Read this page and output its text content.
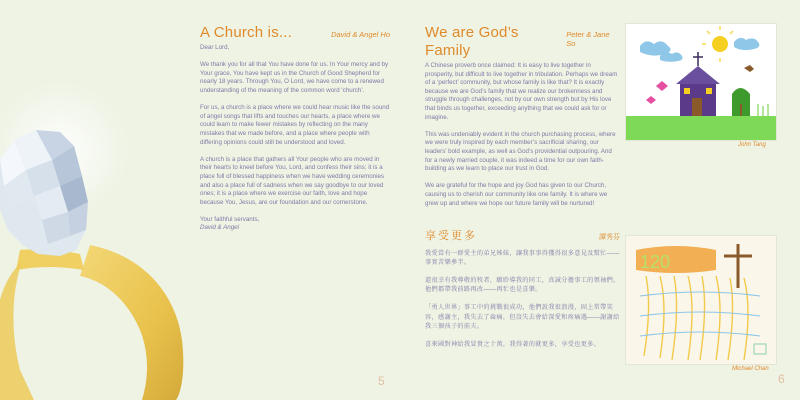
A Church is...	David & Angel Ho

Dear Lord,

We thank you for all that You have done for us. In Your mercy and by Your grace, You have kept us in the Church of Good Shepherd for nearly 18 years. Through You, O Lord, we have come to a renewed understanding of the meaning of the common word ‘church’.

For us, a church is a place where we could hear music like the sound of angel songs that lifts and touches our hearts, a place where we could learn to make fewer mistakes by reflecting on the many mistakes that we made before, and a place where people with differing opinions could still be understood and loved.

A church is a place that gathers all Your people who are moved in their hearts to kneel before You, Lord, and confess their sins; it is a place full of blessed happiness when we have wedding ceremonies and also a place full of sadness when we say goodbye to our loved ones; it is a place where we exercise our faith, love and hope because You, Jesus, are our foundation and our cornerstone.

Your faithful servants,
David & Angel
5
We are God’s Family
Peter & Jane So

A Chinese proverb once claimed: It is easy to live together in prosperity, but difficult to live together in tribulation. Perhaps we dream of a ‘perfect’ community, but whose family is like that? It is exactly because we are God’s family that we realize our brokenness and struggle through challenges, not by our own strength but by His love that binds us together, exceeding anything that we could ask for or imagine.

This was undeniably evident in the church purchasing process, where we were truly inspired by each member’s sacrificial sharing, our leaders’ bold example, as well as God’s providential outpouring. And for a newly married couple, it was indeed a time for our own faith-building as we learn to place our trust in God.

We are grateful for the hope and joy God has given to our Church, causing us to cherish our community like one family. It is where we grew up and where we hope our future family will be nurtured!

享受更多	譚秀芬

我愛當有一群愛主的弟兄姊妹，讓我事事得獲得很多意見及幫忙——事實苦樂參半。

還很幸有我尊敬的牧者，願聆導我的同工，真誠分擔事工的領袖們，他們都帶我前路再改——再忙也是喜樂。

「勇人世界」事工中的挑戰很成功，他們說我很浪漫，固上常帶笑容，感謝主，我失去了齒痛，但沒失去會給深愛和疼痛遇——謝謝給我三個孩子的前夫。

喜來國對神給我冒貴之十萬，我得著的就更多，享受也更多。

6
John Tang
120
Michael Chan
